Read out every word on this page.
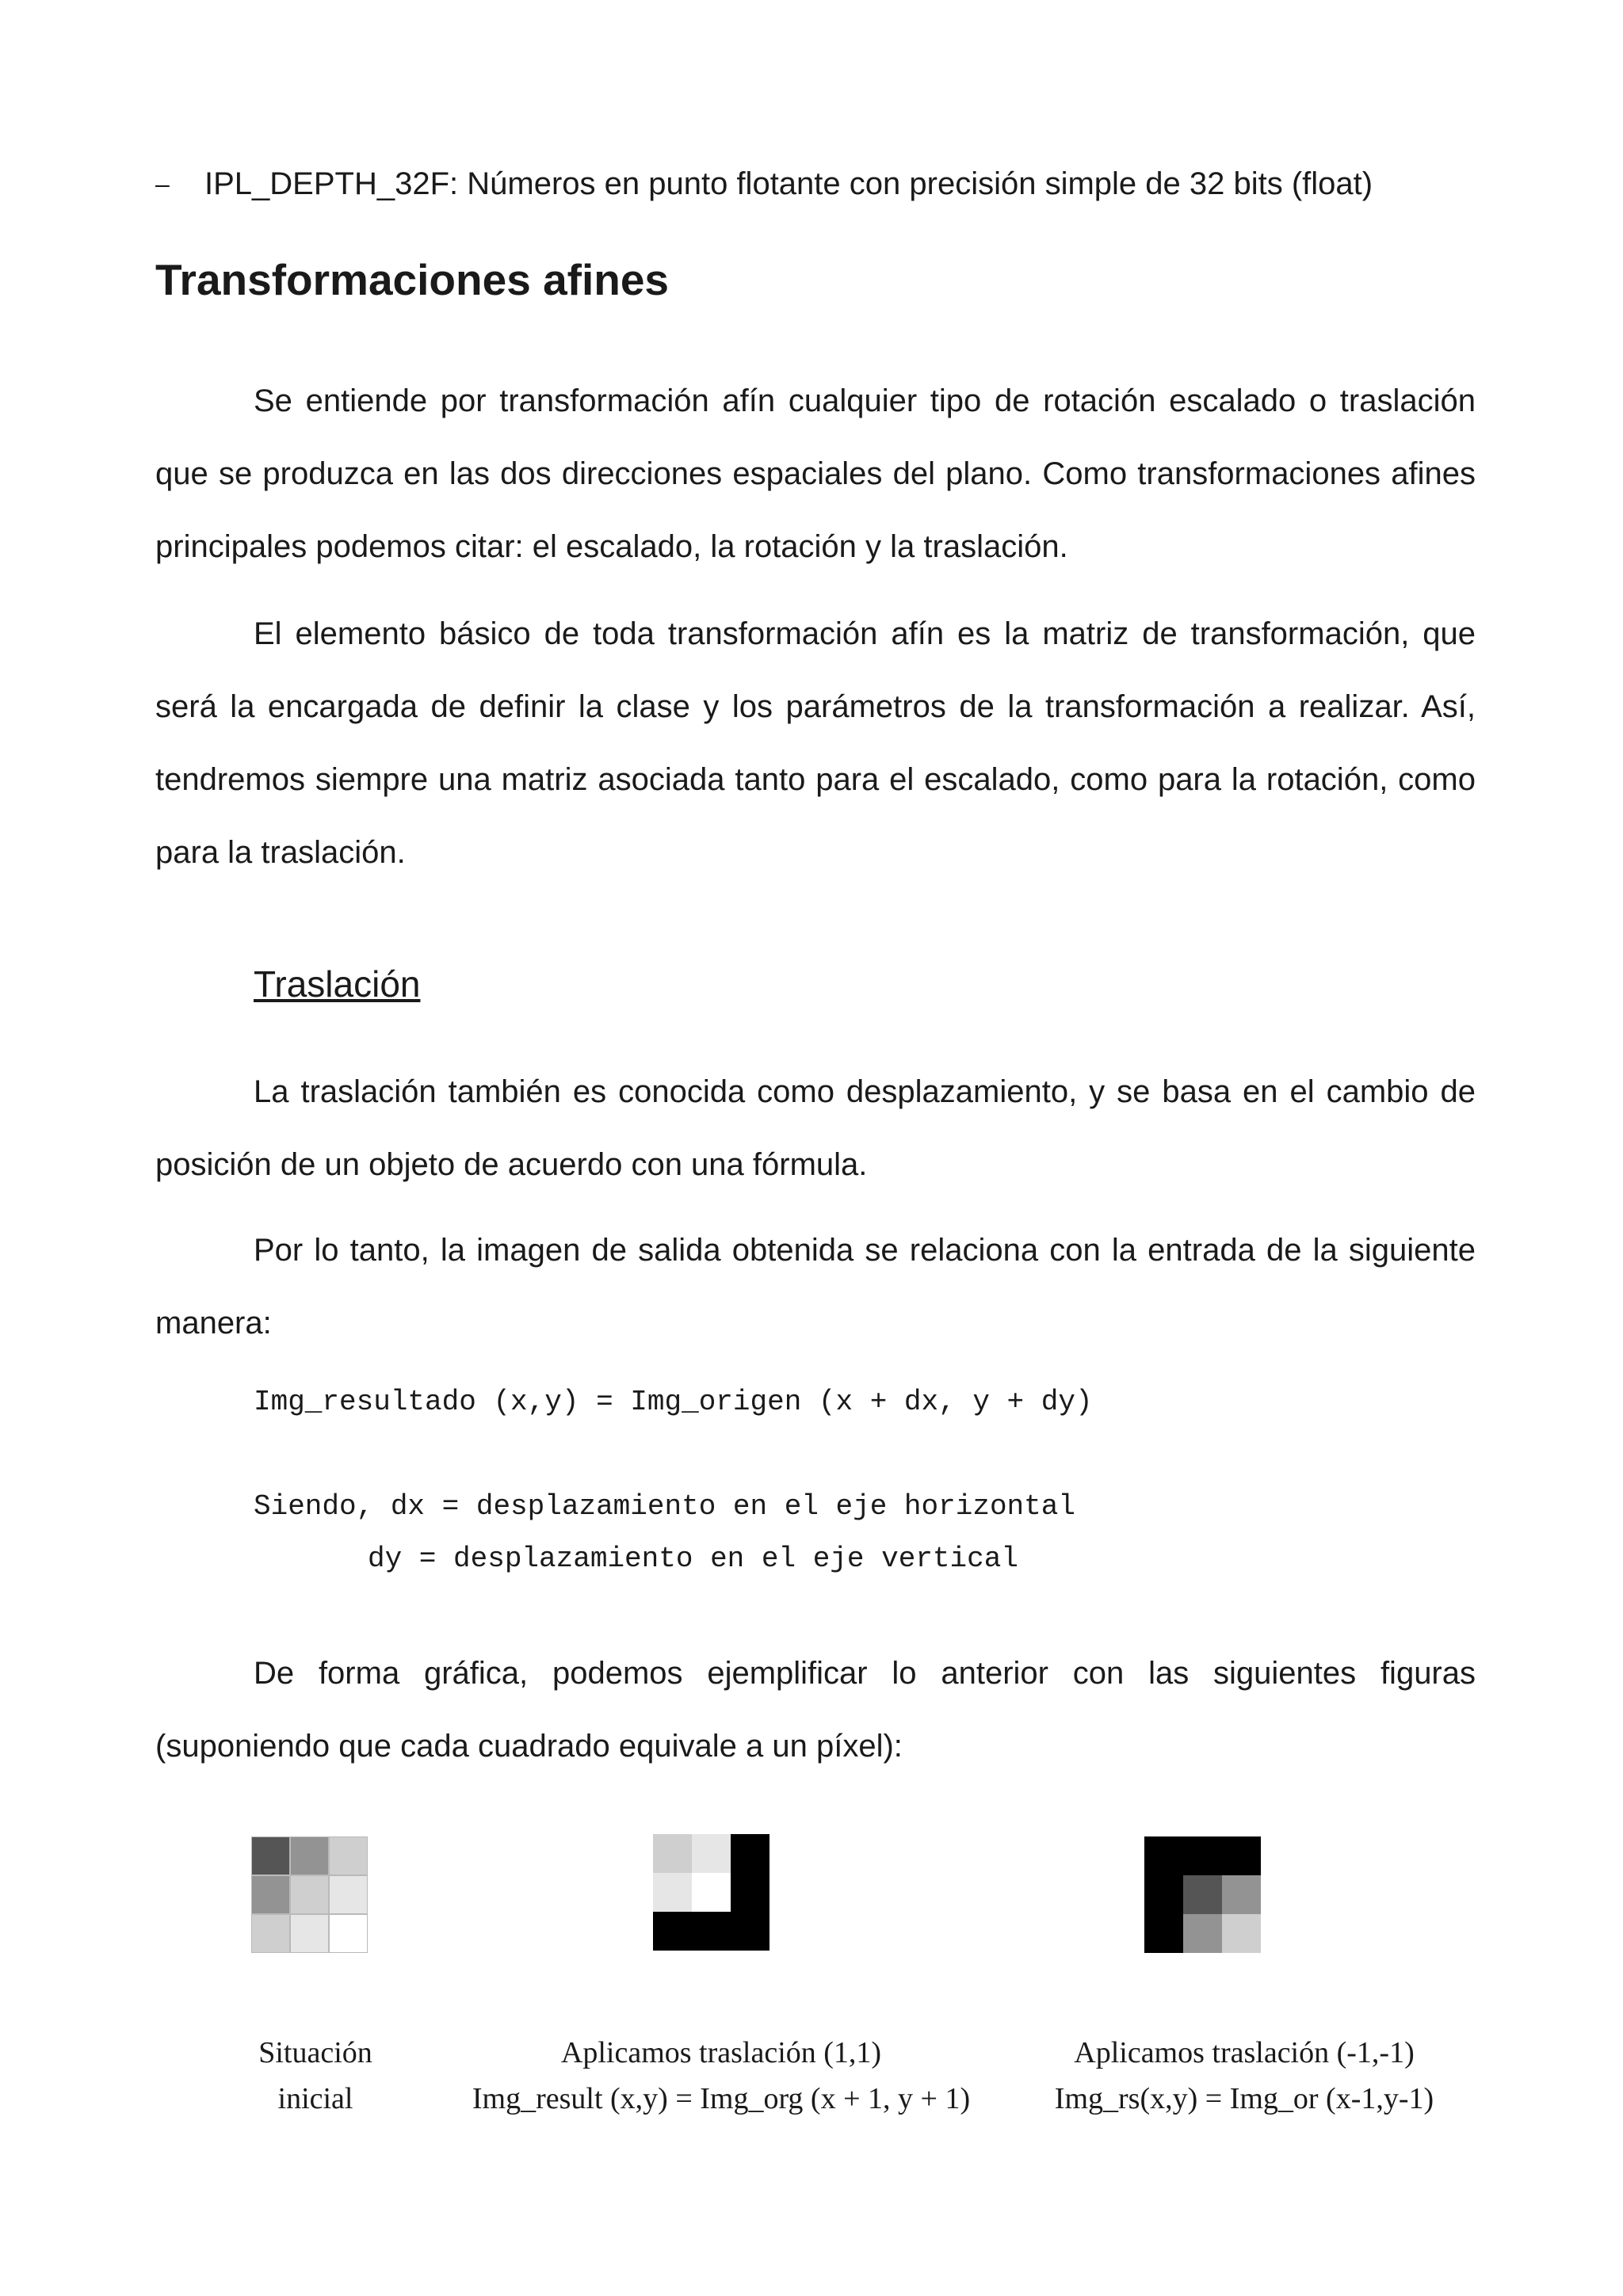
– IPL_DEPTH_32F: Números en punto flotante con precisión simple de 32 bits (float)
Transformaciones afines

Se entiende por transformación afín cualquier tipo de rotación escalado o traslación que se produzca en las dos direcciones espaciales del plano. Como transformaciones afines principales podemos citar: el escalado, la rotación y la traslación.

El elemento básico de toda transformación afín es la matriz de transformación, que será la encargada de definir la clase y los parámetros de la transformación a realizar. Así, tendremos siempre una matriz asociada tanto para el escalado, como para la rotación, como para la traslación.

Traslación

La traslación también es conocida como desplazamiento, y se basa en el cambio de posición de un objeto de acuerdo con una fórmula.

Por lo tanto, la imagen de salida obtenida se relaciona con la entrada de la siguiente manera:

Img_resultado (x,y) = Img_origen (x + dx, y + dy)
Siendo, dx = desplazamiento en el eje horizontal
dy = desplazamiento en el eje vertical

De forma gráfica, podemos ejemplificar lo anterior con las siguientes figuras (suponiendo que cada cuadrado equivale a un píxel):

Situación
inicial
Aplicamos traslación (1,1)
Img_result (x,y) = Img_org (x + 1, y + 1)
Aplicamos traslación (-1,-1)
Img_rs(x,y) = Img_or (x-1,y-1)
